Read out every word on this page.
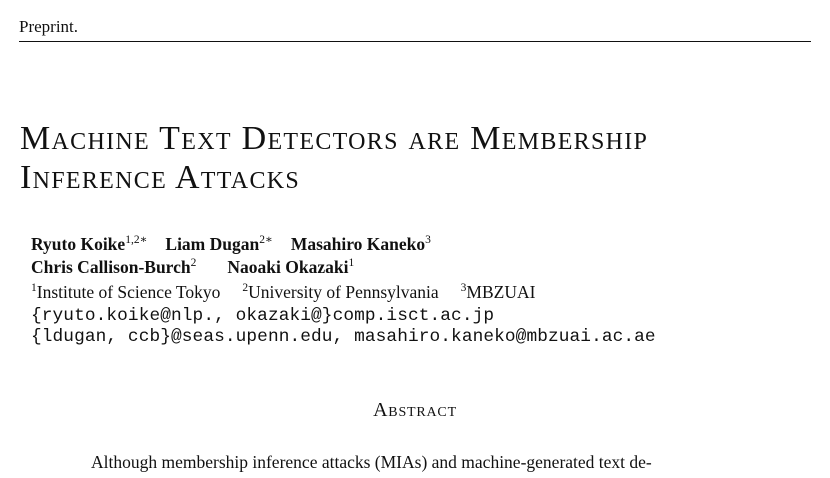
Preprint.
Machine Text Detectors are Membership
Inference Attacks
Ryuto Koike$^{1,2∗}$ Liam Dugan$^{2∗}$ Masahiro Kaneko$^3$
Chris Callison-Burch$^2$ Naoaki Okazaki$^1$
$^1$Institute of Science Tokyo $^2$University of Pennsylvania $^3$MBZUAI
{ryuto.koike@nlp., okazaki@}comp.isct.ac.jp
{ldugan, ccb}@seas.upenn.edu, masahiro.kaneko@mbzuai.ac.ae
Abstract
Although membership inference attacks (MIAs) and machine-generated text de-
